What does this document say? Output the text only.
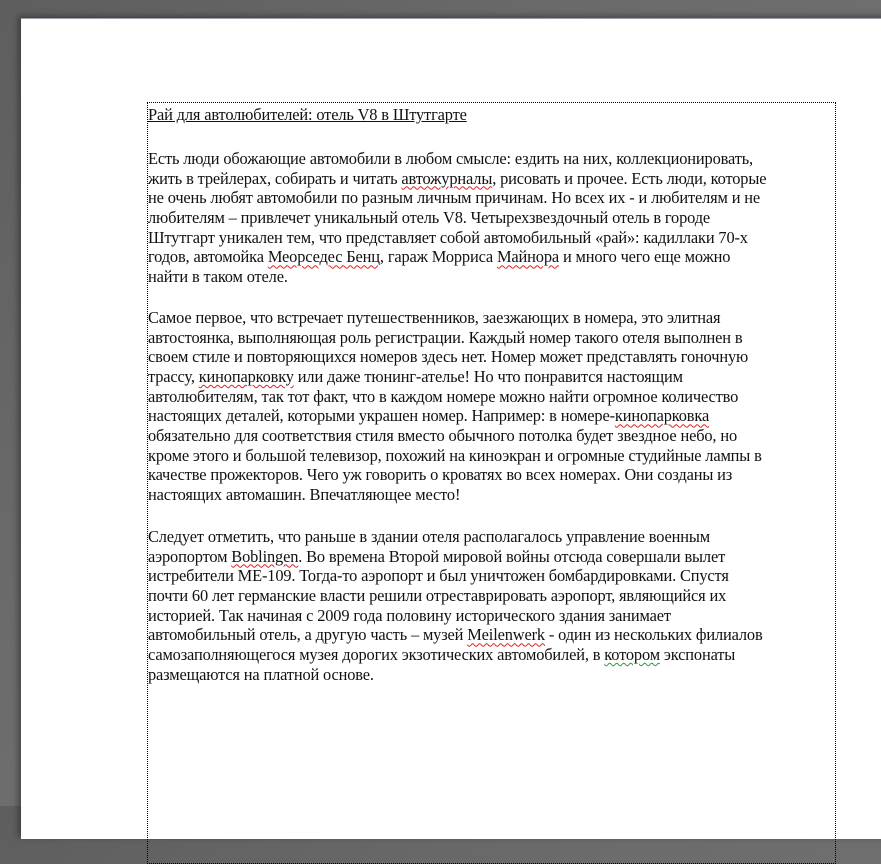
Рай для автолюбителей: отель V8 в Штутгарте
Есть люди обожающие автомобили в любом смысле: ездить на них, коллекционировать,
жить в трейлерах, собирать и читать автожурналы, рисовать и прочее. Есть люди, которые
не очень любят автомобили по разным личным причинам. Но всех их - и любителям и не
любителям – привлечет уникальный отель V8. Четырехзвездочный отель в городе
Штутгарт уникален тем, что представляет собой автомобильный «рай»: кадиллаки 70-х
годов, автомойка Меорседес Бенц, гараж Морриса Майнора и много чего еще можно
найти в таком отеле.
Самое первое, что встречает путешественников, заезжающих в номера, это элитная
автостоянка, выполняющая роль регистрации. Каждый номер такого отеля выполнен в
своем стиле и повторяющихся номеров здесь нет. Номер может представлять гоночную
трассу, кинопарковку или даже тюнинг-ателье! Но что понравится настоящим
автолюбителям, так тот факт, что в каждом номере можно найти огромное количество
настоящих деталей, которыми украшен номер. Например: в номере-кинопарковка
обязательно для соответствия стиля вместо обычного потолка будет звездное небо, но
кроме этого и большой телевизор, похожий на киноэкран и огромные студийные лампы в
качестве прожекторов. Чего уж говорить о кроватях во всех номерах. Они созданы из
настоящих автомашин. Впечатляющее место!
Следует отметить, что раньше в здании отеля располагалось управление военным
аэропортом Boblingen. Во времена Второй мировой войны отсюда совершали вылет
истребители МЕ-109. Тогда-то аэропорт и был уничтожен бомбардировками. Спустя
почти 60 лет германские власти решили отреставрировать аэропорт, являющийся их
историей. Так начиная с 2009 года половину исторического здания занимает
автомобильный отель, а другую часть – музей Meilenwerk - один из нескольких филиалов
самозаполняющегося музея дорогих экзотических автомобилей, в котором экспонаты
размещаются на платной основе.
